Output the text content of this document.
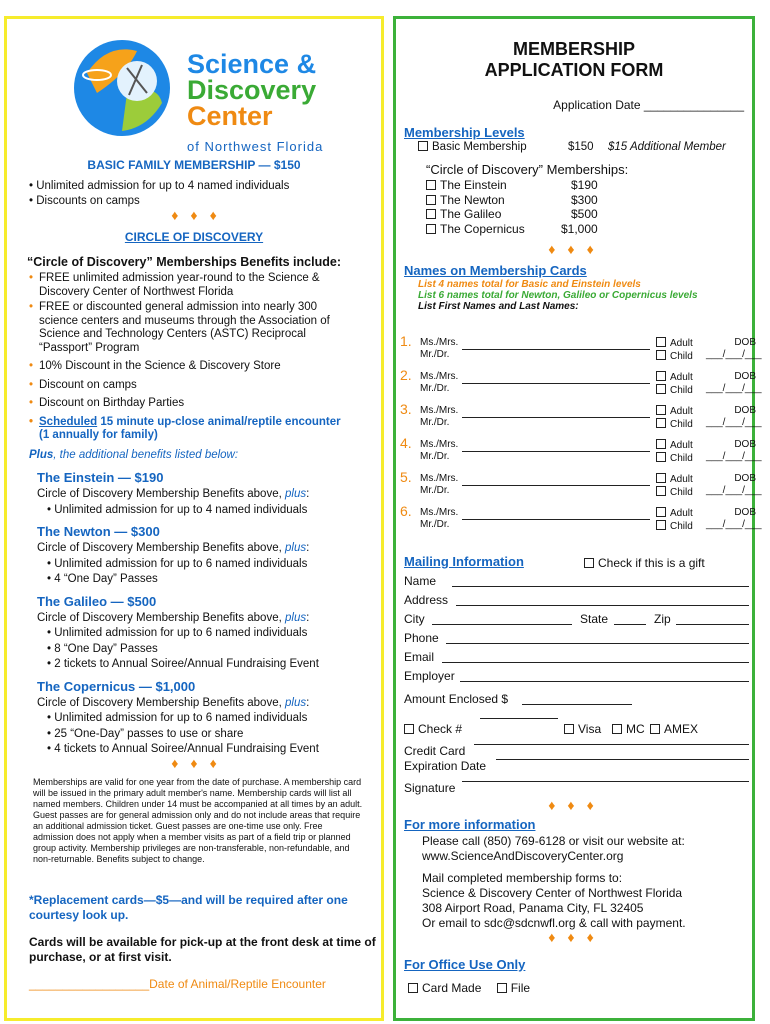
Science &
Discovery
Center
of Northwest Florida
BASIC FAMILY MEMBERSHIP — $150
• Unlimited admission for up to 4 named individuals
• Discounts on camps
♦♦♦
CIRCLE OF DISCOVERY
“Circle of Discovery” Memberships Benefits include:
• FREE unlimited admission year-round to the Science & Discovery Center of Northwest Florida
• FREE or discounted general admission into nearly 300 science centers and museums through the Association of Science and Technology Centers (ASTC) Reciprocal “Passport” Program
• 10% Discount in the Science & Discovery Store
• Discount on camps
• Discount on Birthday Parties
• Scheduled 15 minute up-close animal/reptile encounter
(1 annually for family)
Plus, the additional benefits listed below:
The Einstein — $190
Circle of Discovery Membership Benefits above, plus:
• Unlimited admission for up to 4 named individuals
The Newton — $300
Circle of Discovery Membership Benefits above, plus:
• Unlimited admission for up to 6 named individuals
• 4 “One Day” Passes
The Galileo — $500
Circle of Discovery Membership Benefits above, plus:
• Unlimited admission for up to 6 named individuals
• 8 “One Day” Passes
• 2 tickets to Annual Soiree/Annual Fundraising Event
The Copernicus — $1,000
Circle of Discovery Membership Benefits above, plus:
• Unlimited admission for up to 6 named individuals
• 25 “One-Day” passes to use or share
• 4 tickets to Annual Soiree/Annual Fundraising Event
♦♦♦
Memberships are valid for one year from the date of purchase. A membership card will be issued in the primary adult member's name. Membership cards will list all named members. Children under 14 must be accompanied at all times by an adult. Guest passes are for general admission only and do not include areas that require an additional admission ticket. Guest passes are one-time use only. Free admission does not apply when a member visits as part of a field trip or planned group activity. Membership privileges are non-transferable, non-refundable, and non-returnable. Benefits subject to change.
*Replacement cards—$5—and will be required after one courtesy look up.
Cards will be available for pick-up at the front desk at time of purchase, or at first visit.
__________________Date of Animal/Reptile Encounter
MEMBERSHIP
APPLICATION FORM
Application Date _______________
Membership Levels
Basic Membership	$150 $15 Additional Member
“Circle of Discovery” Memberships:
The Einstein	$190
The Newton	$300
The Galileo	$500
The Copernicus	$1,000
♦♦♦
Names on Membership Cards
List 4 names total for Basic and Einstein levels
List 6 names total for Newton, Galileo or Copernicus levels
List First Names and Last Names:
1. Ms./Mrs.
Mr./Dr.
Adult
Child
DOB
___/___/___
2. Ms./Mrs.
Mr./Dr.
Adult
Child
DOB
___/___/___
3. Ms./Mrs.
Mr./Dr.
Adult
Child
DOB
___/___/___
4. Ms./Mrs.
Mr./Dr.
Adult
Child
DOB
___/___/___
5. Ms./Mrs.
Mr./Dr.
Adult
Child
DOB
___/___/___
6. Ms./Mrs.
Mr./Dr.
Adult
Child
DOB
___/___/___
Mailing Information	Check if this is a gift
Name
Address
City	State	Zip
Phone
Email
Employer
Amount Enclosed $
Check #	Visa	MC	AMEX
Credit Card
Expiration Date
Signature
♦♦♦
For more information
Please call (850) 769-6128 or visit our website at:
www.ScienceAndDiscoveryCenter.org
Mail completed membership forms to:
Science & Discovery Center of Northwest Florida
308 Airport Road, Panama City, FL 32405
Or email to sdc@sdcnwfl.org & call with payment.
♦♦♦
For Office Use Only
Card Made File
